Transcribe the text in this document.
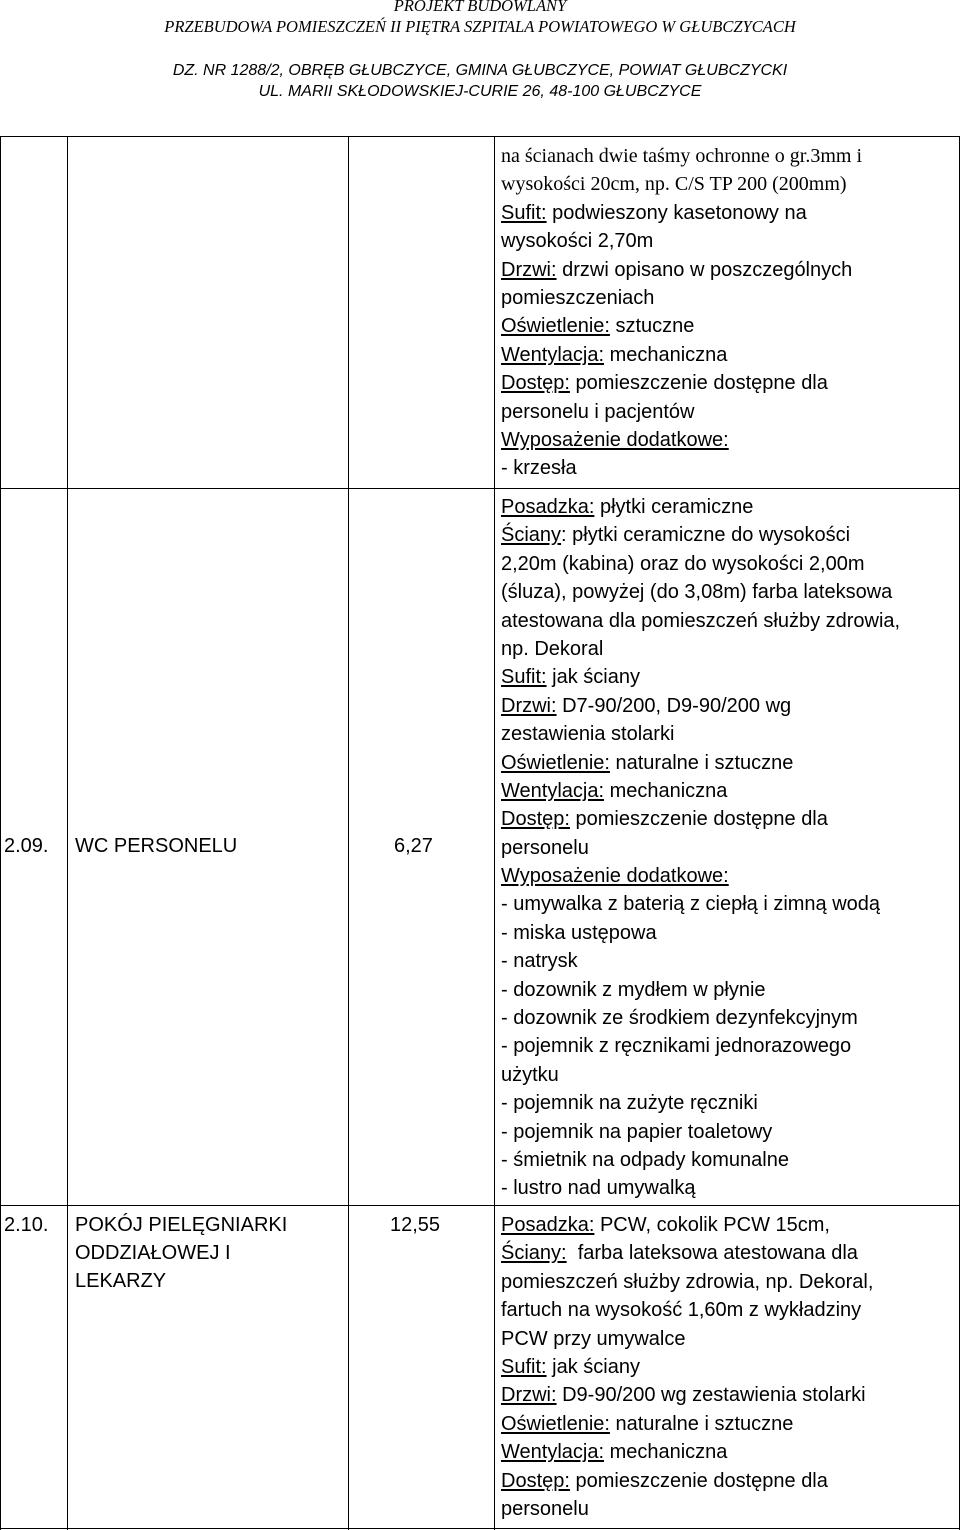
PROJEKT BUDOWLANY
PRZEBUDOWA POMIESZCZEŃ II PIĘTRA SZPITALA POWIATOWEGO W GŁUBCZYCACH
DZ. NR 1288/2, OBRĘB GŁUBCZYCE, GMINA GŁUBCZYCE, POWIAT GŁUBCZYCKI
UL. MARII SKŁODOWSKIEJ-CURIE 26, 48-100 GŁUBCZYCE
na ścianach dwie taśmy ochronne o gr.3mm i
wysokości 20cm, np. C/S TP 200 (200mm)
Sufit: podwieszony kasetonowy na
wysokości 2,70m
Drzwi: drzwi opisano w poszczególnych
pomieszczeniach
Oświetlenie: sztuczne
Wentylacja: mechaniczna
Dostęp: pomieszczenie dostępne dla
personelu i pacjentów
Wyposażenie dodatkowe:
- krzesła
2.09. WC PERSONELU	6,27
Posadzka: płytki ceramiczne
Ściany: płytki ceramiczne do wysokości
2,20m (kabina) oraz do wysokości 2,00m
(śluza), powyżej (do 3,08m) farba lateksowa
atestowana dla pomieszczeń służby zdrowia,
np. Dekoral
Sufit: jak ściany
Drzwi: D7-90/200, D9-90/200 wg
zestawienia stolarki
Oświetlenie: naturalne i sztuczne
Wentylacja: mechaniczna
Dostęp: pomieszczenie dostępne dla
personelu
Wyposażenie dodatkowe:
- umywalka z baterią z ciepłą i zimną wodą
- miska ustępowa
- natrysk
- dozownik z mydłem w płynie
- dozownik ze środkiem dezynfekcyjnym
- pojemnik z ręcznikami jednorazowego
użytku
- pojemnik na zużyte ręczniki
- pojemnik na papier toaletowy
- śmietnik na odpady komunalne
- lustro nad umywalką
2.10. POKÓJ PIELĘGNIARKI
ODDZIAŁOWEJ I
LEKARZY
12,55	Posadzka: PCW, cokolik PCW 15cm,
Ściany:  farba lateksowa atestowana dla
pomieszczeń służby zdrowia, np. Dekoral,
fartuch na wysokość 1,60m z wykładziny
PCW przy umywalce
Sufit: jak ściany
Drzwi: D9-90/200 wg zestawienia stolarki
Oświetlenie: naturalne i sztuczne
Wentylacja: mechaniczna
Dostęp: pomieszczenie dostępne dla
personelu
